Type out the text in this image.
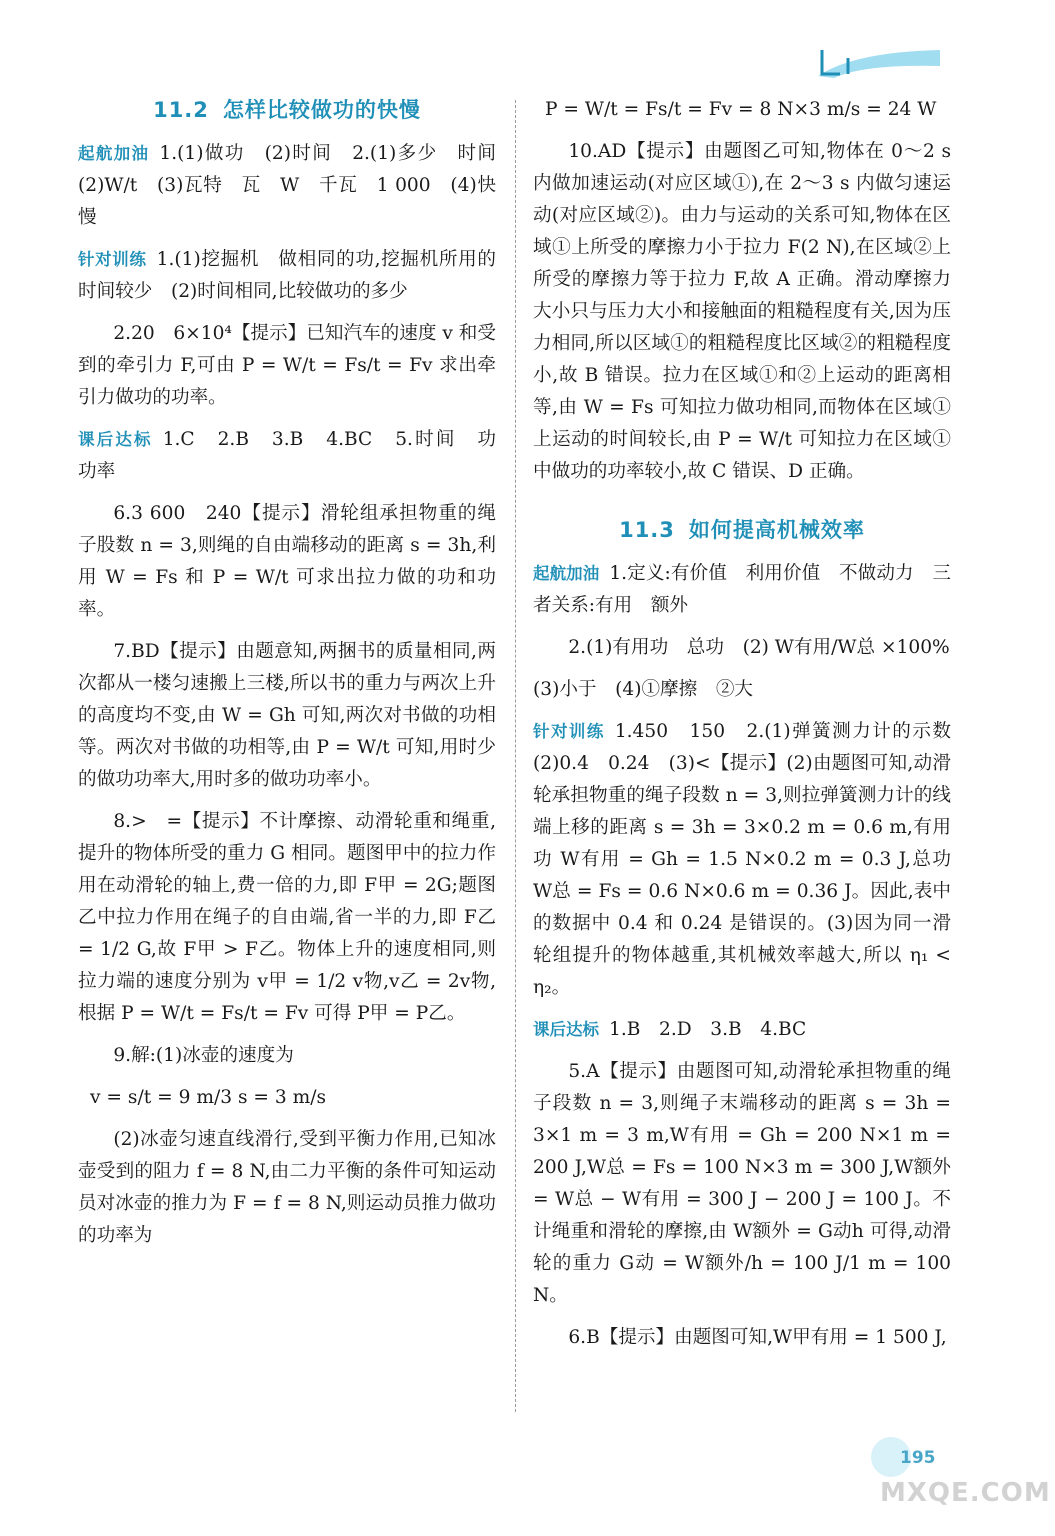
11.2 怎样比较做功的快慢

起航加油 1.(1)做功　(2)时间　2.(1)多少　时间　(2)W/t　(3)瓦特　瓦　W　千瓦　1 000　(4)快慢

针对训练 1.(1)挖掘机　做相同的功,挖掘机所用的时间较少　(2)时间相同,比较做功的多少

2.20　6×10⁴【提示】已知汽车的速度 v 和受到的牵引力 F,可由 P = W/t = Fs/t = Fv 求出牵引力做功的功率。

课后达标 1.C　2.B　3.B　4.BC　5.时间　功　功率

6.3 600　240【提示】滑轮组承担物重的绳子股数 n = 3,则绳的自由端移动的距离 s = 3h,利用 W = Fs 和 P = W/t 可求出拉力做的功和功率。

7.BD【提示】由题意知,两捆书的质量相同,两次都从一楼匀速搬上三楼,所以书的重力与两次上升的高度均不变,由 W = Gh 可知,两次对书做的功相等。两次对书做的功相等,由 P = W/t 可知,用时少的做功功率大,用时多的做功功率小。

8.>　=【提示】不计摩擦、动滑轮重和绳重,提升的物体所受的重力 G 相同。题图甲中的拉力作用在动滑轮的轴上,费一倍的力,即 F甲 = 2G;题图乙中拉力作用在绳子的自由端,省一半的力,即 F乙 = 1/2 G,故 F甲 > F乙。物体上升的速度相同,则拉力端的速度分别为 v甲 = 1/2 v物,v乙 = 2v物,根据 P = W/t = Fs/t = Fv 可得 P甲 = P乙。

9.解:(1)冰壶的速度为

v = s/t = 9 m/3 s = 3 m/s

(2)冰壶匀速直线滑行,受到平衡力作用,已知冰壶受到的阻力 f = 8 N,由二力平衡的条件可知运动员对冰壶的推力为 F = f = 8 N,则运动员推力做功的功率为

P = W/t = Fs/t = Fv = 8 N×3 m/s = 24 W

10.AD【提示】由题图乙可知,物体在 0～2 s 内做加速运动(对应区域①),在 2～3 s 内做匀速运动(对应区域②)。由力与运动的关系可知,物体在区域①上所受的摩擦力小于拉力 F(2 N),在区域②上所受的摩擦力等于拉力 F,故 A 正确。滑动摩擦力大小只与压力大小和接触面的粗糙程度有关,因为压力相同,所以区域①的粗糙程度比区域②的粗糙程度小,故 B 错误。拉力在区域①和②上运动的距离相等,由 W = Fs 可知拉力做功相同,而物体在区域①上运动的时间较长,由 P = W/t 可知拉力在区域①中做功的功率较小,故 C 错误、D 正确。

11.3 如何提高机械效率

起航加油 1.定义:有价值　利用价值　不做动力　三者关系:有用　额外

2.(1)有用功　总功　(2) W有用/W总 ×100%

(3)小于　(4)①摩擦　②大

针对训练 1.450　150　2.(1)弹簧测力计的示数　(2)0.4　0.24　(3)<【提示】(2)由题图可知,动滑轮承担物重的绳子段数 n = 3,则拉弹簧测力计的线端上移的距离 s = 3h = 3×0.2 m = 0.6 m,有用功 W有用 = Gh = 1.5 N×0.2 m = 0.3 J,总功 W总 = Fs = 0.6 N×0.6 m = 0.36 J。因此,表中的数据中 0.4 和 0.24 是错误的。(3)因为同一滑轮组提升的物体越重,其机械效率越大,所以 η₁ < η₂。

课后达标 1.B　2.D　3.B　4.BC

5.A【提示】由题图可知,动滑轮承担物重的绳子段数 n = 3,则绳子末端移动的距离 s = 3h = 3×1 m = 3 m,W有用 = Gh = 200 N×1 m = 200 J,W总 = Fs = 100 N×3 m = 300 J,W额外 = W总 − W有用 = 300 J − 200 J = 100 J。不计绳重和滑轮的摩擦,由 W额外 = G动h 可得,动滑轮的重力 G动 = W额外/h = 100 J/1 m = 100 N。

6.B【提示】由题图可知,W甲有用 = 1 500 J,

195
MXQE.COM
